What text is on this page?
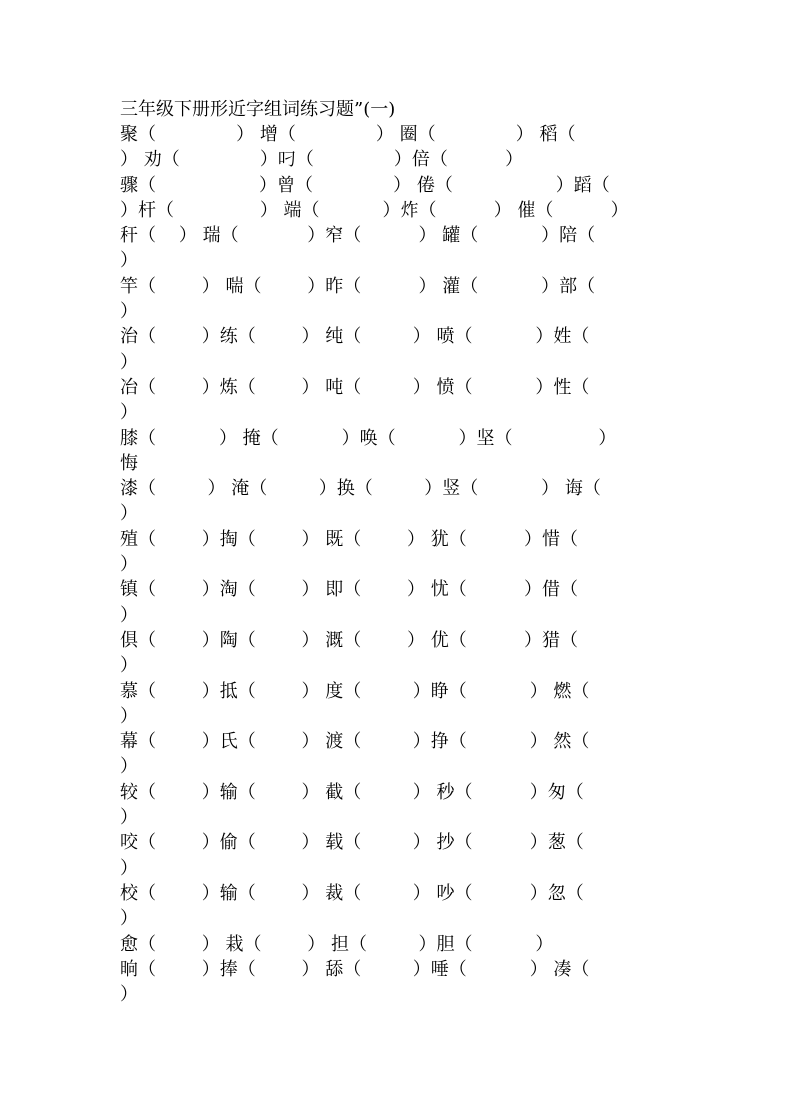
三年级下册形近字组词练习题”(一)
聚（              ） 增（              ） 圈（              ） 稻（
） 劝（              ）叼（              ）倍（          ）
骤（                  ）曾（              ） 倦（                  ）蹈（
）杆（               ） 端（           ）炸（          ） 催（          ）
秆（    ） 瑞（            ）窄（          ） 罐（           ）陪（
）
竿（        ） 喘（        ）昨（          ） 灌（           ）部（
）
治（        ）练（        ） 纯（         ） 喷（           ）姓（
）
冶（        ）炼（        ） 吨（         ） 愤（           ）性（
）
膝（           ） 掩（           ）唤（           ）坚（               ）
悔
漆（         ） 淹（         ）换（         ）竖（           ） 诲（
）
殖（        ）掏（        ） 既（        ） 犹（          ）惜（
）
镇（        ）淘（        ） 即（        ） 忧（          ）借（
）
俱（        ）陶（        ） 溉（        ） 优（          ）猎（
）
慕（        ）抵（        ） 度（         ）睁（           ） 燃（
）
幕（        ）氏（        ） 渡（         ）挣（           ） 然（
）
较（        ）输（        ） 截（         ） 秒（          ）匆（
）
咬（        ）偷（        ） 载（         ） 抄（          ）葱（
）
校（        ）输（        ） 裁（         ） 吵（          ）忽（
）
愈（        ） 栽（        ） 担（         ）胆（           ）
晌（        ）捧（        ） 舔（         ）唾（           ） 凑（
）
